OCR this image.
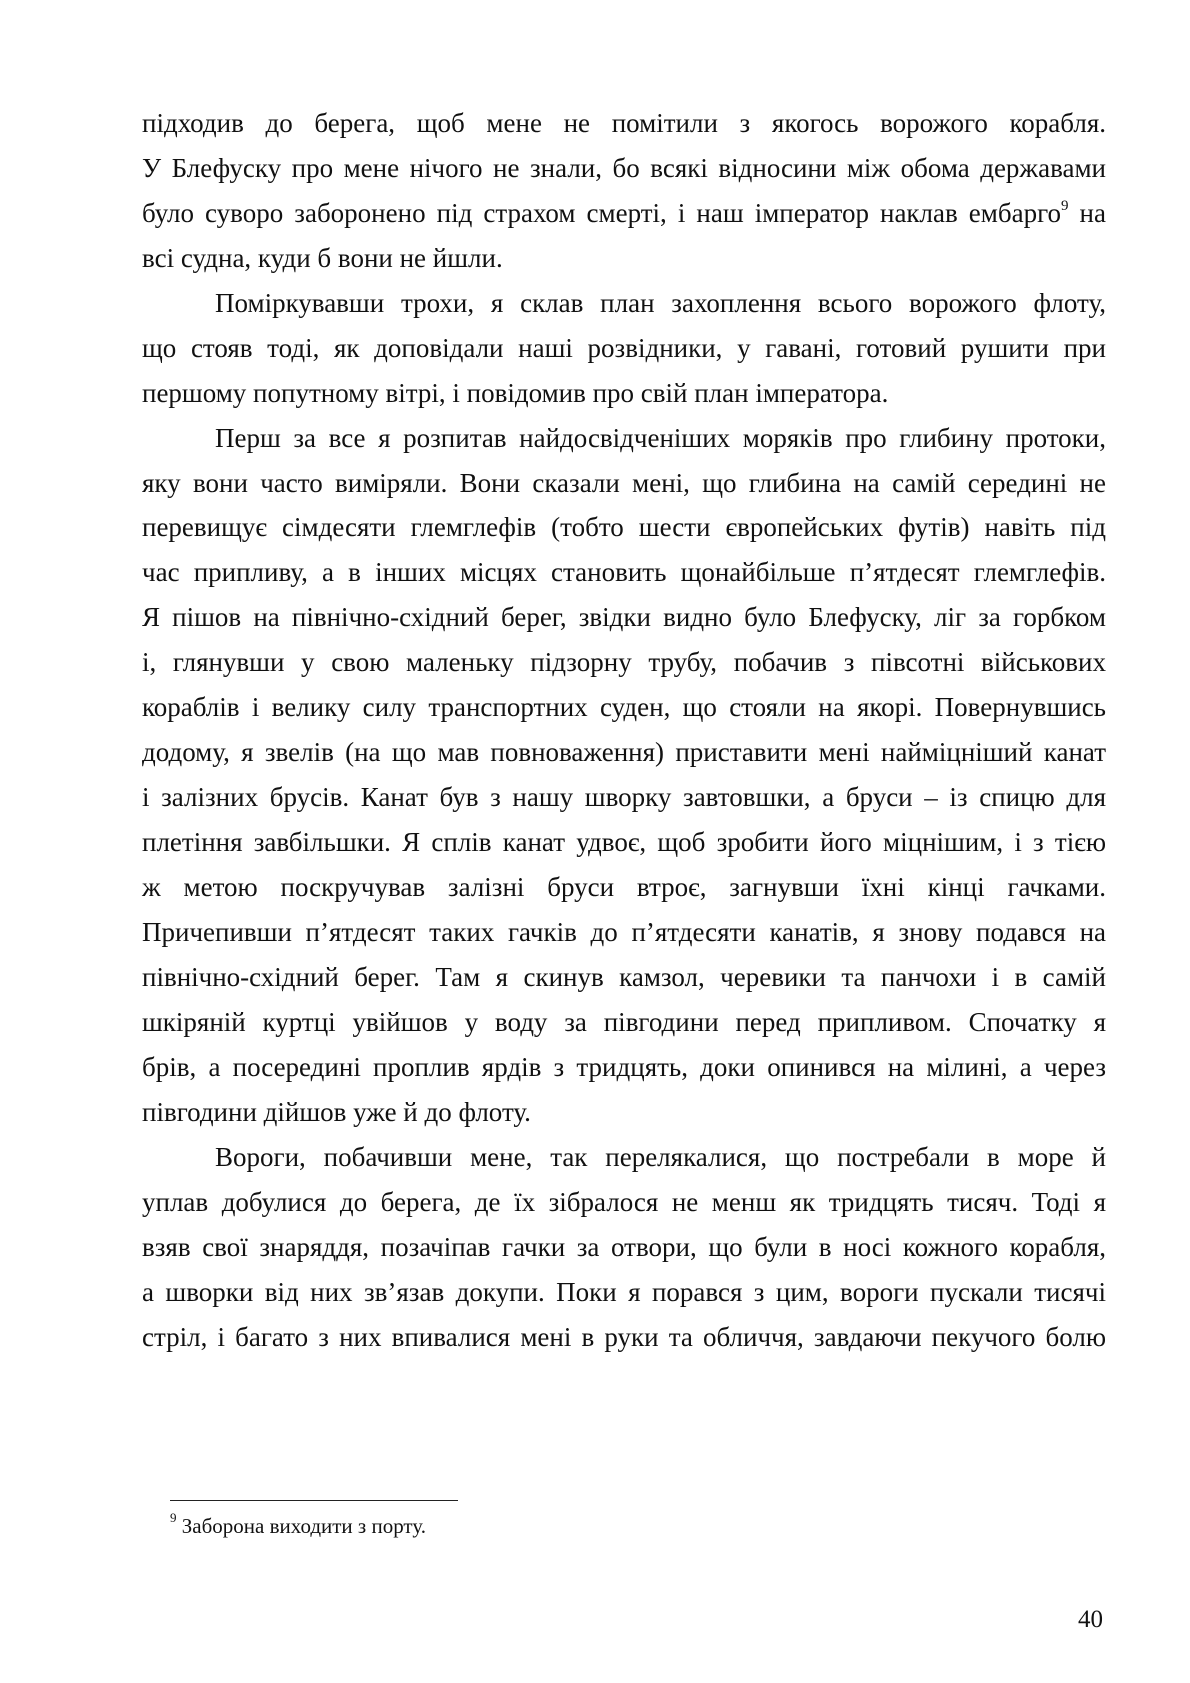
підходив до берега, щоб мене не помітили з якогось ворожого корабля.
У Блефуску про мене нічого не знали, бо всякі відносини між обома державами
було суворо заборонено під страхом смерті, і наш імператор наклав ембарго$^9$ на
всі судна, куди б вони не йшли.
Поміркувавши трохи, я склав план захоплення всього ворожого флоту,
що стояв тоді, як доповідали наші розвідники, у гавані, готовий рушити при
першому попутному вітрі, і повідомив про свій план імператора.
Перш за все я розпитав найдосвідченіших моряків про глибину протоки,
яку вони часто виміряли. Вони сказали мені, що глибина на самій середині не
перевищує сімдесяти глемглефів (тобто шести європейських футів) навіть під
час припливу, а в інших місцях становить щонайбільше п’ятдесят глемглефів.
Я пішов на північно-східний берег, звідки видно було Блефуску, ліг за горбком
і, глянувши у свою маленьку підзорну трубу, побачив з півсотні військових
кораблів і велику силу транспортних суден, що стояли на якорі. Повернувшись
додому, я звелів (на що мав повноваження) приставити мені найміцніший канат
і залізних брусів. Канат був з нашу шворку завтовшки, а бруси – із спицю для
плетіння завбільшки. Я сплів канат удвоє, щоб зробити його міцнішим, і з тією
ж метою поскручував залізні бруси втроє, загнувши їхні кінці гачками.
Причепивши п’ятдесят таких гачків до п’ятдесяти канатів, я знову подався на
північно-східний берег. Там я скинув камзол, черевики та панчохи і в самій
шкіряній куртці увійшов у воду за півгодини перед припливом. Спочатку я
брів, а посередині проплив ярдів з тридцять, доки опинився на мілині, а через
півгодини дійшов уже й до флоту.
Вороги, побачивши мене, так перелякалися, що постребали в море й
уплав добулися до берега, де їх зібралося не менш як тридцять тисяч. Тоді я
взяв свої знаряддя, позачіпав гачки за отвори, що були в носі кожного корабля,
а шворки від них зв’язав докупи. Поки я порався з цим, вороги пускали тисячі
стріл, і багато з них впивалися мені в руки та обличчя, завдаючи пекучого болю
$^9$ Заборона виходити з порту.
40
